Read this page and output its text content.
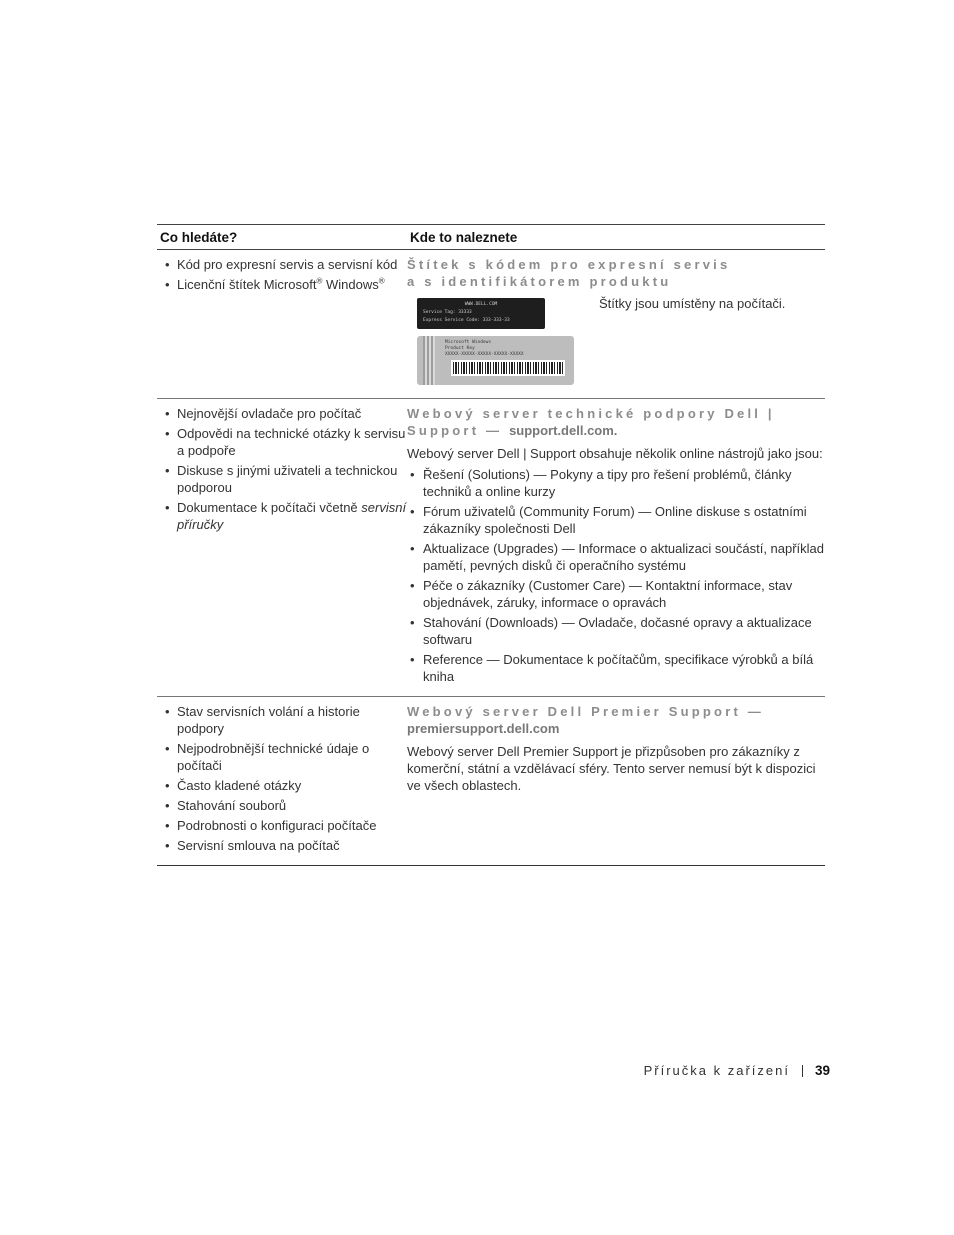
Co hledáte?	Kde to naleznete
• Kód pro expresní servis a servisní kód
• Licenční štítek Microsoft® Windows®
Štítek s kódem pro expresní servis
a s identifikátorem produktu
WWW.DELL.COM
Service Tag: 33333
Express Service Code: 333-333-33
Microsoft Windows
Product Key
XXXXX-XXXXX-XXXXX-XXXXX-XXXXX
Štítky jsou umístěny na počítači.
• Nejnovější ovladače pro počítač
• Odpovědi na technické otázky k servisu a podpoře
• Diskuse s jinými uživateli a technickou podporou
• Dokumentace k počítači včetně servisní příručky
Webový server technické podpory Dell | Support — support.dell.com.

Webový server Dell | Support obsahuje několik online nástrojů jako jsou:

• Řešení (Solutions) — Pokyny a tipy pro řešení problémů, články techniků a online kurzy
• Fórum uživatelů (Community Forum) — Online diskuse s ostatními zákazníky společnosti Dell
• Aktualizace (Upgrades) — Informace o aktualizaci součástí, například pamětí, pevných disků či operačního systému
• Péče o zákazníky (Customer Care) — Kontaktní informace, stav objednávek, záruky, informace o opravách
• Stahování (Downloads) — Ovladače, dočasné opravy a aktualizace softwaru
• Reference — Dokumentace k počítačům, specifikace výrobků a bílá kniha
• Stav servisních volání a historie podpory
• Nejpodrobnější technické údaje o počítači
• Často kladené otázky
• Stahování souborů
• Podrobnosti o konfiguraci počítače
• Servisní smlouva na počítač
Webový server Dell Premier Support —
premiersupport.dell.com

Webový server Dell Premier Support je přizpůsoben pro zákazníky z komerční, státní a vzdělávací sféry. Tento server nemusí být k dispozici ve všech oblastech.

Příručka k zařízení 39
